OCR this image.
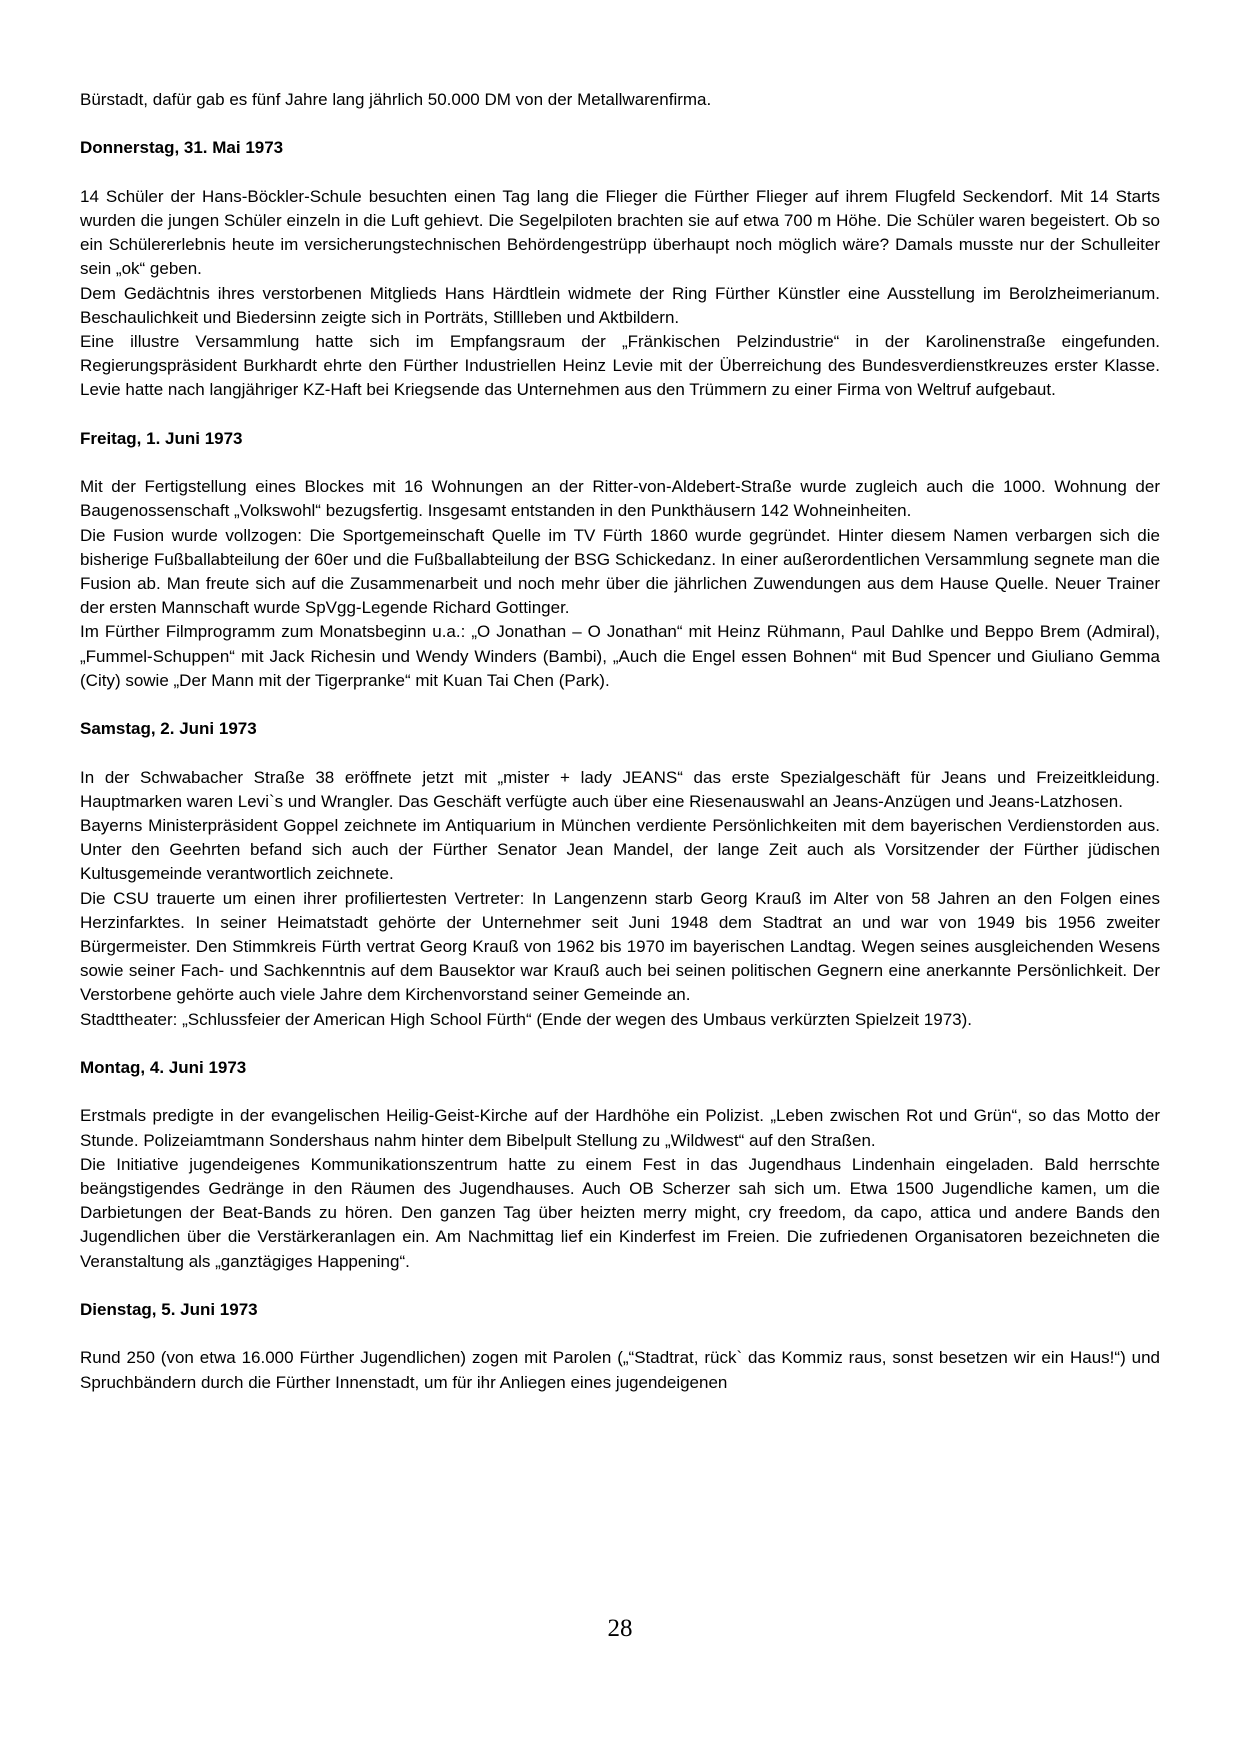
Bürstadt, dafür gab es fünf Jahre lang jährlich 50.000 DM von der Metallwarenfirma.

Donnerstag, 31. Mai 1973

14 Schüler der Hans-Böckler-Schule besuchten einen Tag lang die Flieger die Fürther Flieger auf ihrem Flugfeld Seckendorf. Mit 14 Starts wurden die jungen Schüler einzeln in die Luft gehievt. Die Segelpiloten brachten sie auf etwa 700 m Höhe. Die Schüler waren begeistert. Ob so ein Schülererlebnis heute im versicherungstechnischen Behördengestrüpp überhaupt noch möglich wäre? Damals musste nur der Schulleiter sein „ok“ geben.

Dem Gedächtnis ihres verstorbenen Mitglieds Hans Härdtlein widmete der Ring Fürther Künstler eine Ausstellung im Berolzheimerianum. Beschaulichkeit und Biedersinn zeigte sich in Porträts, Stillleben und Aktbildern.

Eine illustre Versammlung hatte sich im Empfangsraum der „Fränkischen Pelzindustrie“ in der Karolinenstraße eingefunden. Regierungspräsident Burkhardt ehrte den Fürther Industriellen Heinz Levie mit der Überreichung des Bundesverdienstkreuzes erster Klasse. Levie hatte nach langjähriger KZ-Haft bei Kriegsende das Unternehmen aus den Trümmern zu einer Firma von Weltruf aufgebaut.

Freitag, 1. Juni 1973

Mit der Fertigstellung eines Blockes mit 16 Wohnungen an der Ritter-von-Aldebert-Straße wurde zugleich auch die 1000. Wohnung der Baugenossenschaft „Volkswohl“ bezugsfertig. Insgesamt entstanden in den Punkthäusern 142 Wohneinheiten.

Die Fusion wurde vollzogen: Die Sportgemeinschaft Quelle im TV Fürth 1860 wurde gegründet. Hinter diesem Namen verbargen sich die bisherige Fußballabteilung der 60er und die Fußballabteilung der BSG Schickedanz. In einer außerordentlichen Versammlung segnete man die Fusion ab. Man freute sich auf die Zusammenarbeit und noch mehr über die jährlichen Zuwendungen aus dem Hause Quelle. Neuer Trainer der ersten Mannschaft wurde SpVgg-Legende Richard Gottinger.

Im Fürther Filmprogramm zum Monatsbeginn u.a.: „O Jonathan – O Jonathan“ mit Heinz Rühmann, Paul Dahlke und Beppo Brem (Admiral), „Fummel-Schuppen“ mit Jack Richesin und Wendy Winders (Bambi), „Auch die Engel essen Bohnen“ mit Bud Spencer und Giuliano Gemma (City) sowie „Der Mann mit der Tigerpranke“ mit Kuan Tai Chen (Park).

Samstag, 2. Juni 1973

In der Schwabacher Straße 38 eröffnete jetzt mit „mister + lady JEANS“ das erste Spezialgeschäft für Jeans und Freizeitkleidung. Hauptmarken waren Levi`s und Wrangler. Das Geschäft verfügte auch über eine Riesenauswahl an Jeans-Anzügen und Jeans-Latzhosen.

Bayerns Ministerpräsident Goppel zeichnete im Antiquarium in München verdiente Persönlichkeiten mit dem bayerischen Verdienstorden aus. Unter den Geehrten befand sich auch der Fürther Senator Jean Mandel, der lange Zeit auch als Vorsitzender der Fürther jüdischen Kultusgemeinde verantwortlich zeichnete.

Die CSU trauerte um einen ihrer profiliertesten Vertreter: In Langenzenn starb Georg Krauß im Alter von 58 Jahren an den Folgen eines Herzinfarktes. In seiner Heimatstadt gehörte der Unternehmer seit Juni 1948 dem Stadtrat an und war von 1949 bis 1956 zweiter Bürgermeister. Den Stimmkreis Fürth vertrat Georg Krauß von 1962 bis 1970 im bayerischen Landtag. Wegen seines ausgleichenden Wesens sowie seiner Fach- und Sachkenntnis auf dem Bausektor war Krauß auch bei seinen politischen Gegnern eine anerkannte Persönlichkeit. Der Verstorbene gehörte auch viele Jahre dem Kirchenvorstand seiner Gemeinde an.

Stadttheater: „Schlussfeier der American High School Fürth“ (Ende der wegen des Umbaus verkürzten Spielzeit 1973).

Montag, 4. Juni 1973

Erstmals predigte in der evangelischen Heilig-Geist-Kirche auf der Hardhöhe ein Polizist. „Leben zwischen Rot und Grün“, so das Motto der Stunde. Polizeiamtmann Sondershaus nahm hinter dem Bibelpult Stellung zu „Wildwest“ auf den Straßen.

Die Initiative jugendeigenes Kommunikationszentrum hatte zu einem Fest in das Jugendhaus Lindenhain eingeladen. Bald herrschte beängstigendes Gedränge in den Räumen des Jugendhauses. Auch OB Scherzer sah sich um. Etwa 1500 Jugendliche kamen, um die Darbietungen der Beat-Bands zu hören. Den ganzen Tag über heizten merry might, cry freedom, da capo, attica und andere Bands den Jugendlichen über die Verstärkeranlagen ein. Am Nachmittag lief ein Kinderfest im Freien. Die zufriedenen Organisatoren bezeichneten die Veranstaltung als „ganztägiges Happening“.

Dienstag, 5. Juni 1973

Rund 250 (von etwa 16.000 Fürther Jugendlichen) zogen mit Parolen („“Stadtrat, rück` das Kommiz raus, sonst besetzen wir ein Haus!“) und Spruchbändern durch die Fürther Innenstadt, um für ihr Anliegen eines jugendeigenen

28
